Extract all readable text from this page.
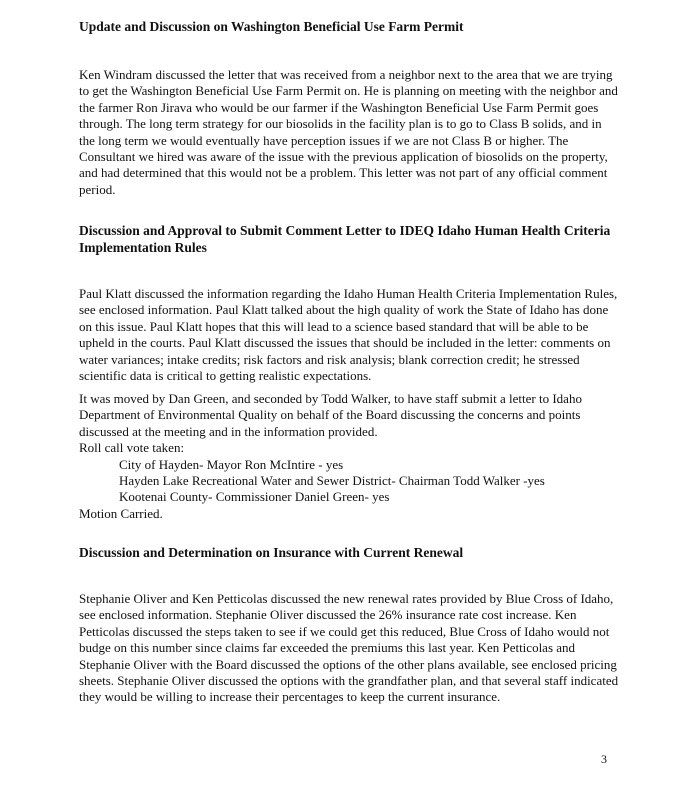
Update and Discussion on Washington Beneficial Use Farm Permit

Ken Windram discussed the letter that was received from a neighbor next to the area that we are trying to get the Washington Beneficial Use Farm Permit on. He is planning on meeting with the neighbor and the farmer Ron Jirava who would be our farmer if the Washington Beneficial Use Farm Permit goes through. The long term strategy for our biosolids in the facility plan is to go to Class B solids, and in the long term we would eventually have perception issues if we are not Class B or higher. The Consultant we hired was aware of the issue with the previous application of biosolids on the property, and had determined that this would not be a problem. This letter was not part of any official comment period.

Discussion and Approval to Submit Comment Letter to IDEQ Idaho Human Health Criteria Implementation Rules

Paul Klatt discussed the information regarding the Idaho Human Health Criteria Implementation Rules, see enclosed information. Paul Klatt talked about the high quality of work the State of Idaho has done on this issue. Paul Klatt hopes that this will lead to a science based standard that will be able to be upheld in the courts. Paul Klatt discussed the issues that should be included in the letter: comments on water variances; intake credits; risk factors and risk analysis; blank correction credit; he stressed scientific data is critical to getting realistic expectations.

It was moved by Dan Green, and seconded by Todd Walker, to have staff submit a letter to Idaho Department of Environmental Quality on behalf of the Board discussing the concerns and points discussed at the meeting and in the information provided.

Roll call vote taken:

City of Hayden- Mayor Ron McIntire - yes

Hayden Lake Recreational Water and Sewer District- Chairman Todd Walker -yes

Kootenai County- Commissioner Daniel Green- yes

Motion Carried.

Discussion and Determination on Insurance with Current Renewal

Stephanie Oliver and Ken Petticolas discussed the new renewal rates provided by Blue Cross of Idaho, see enclosed information. Stephanie Oliver discussed the 26% insurance rate cost increase. Ken Petticolas discussed the steps taken to see if we could get this reduced, Blue Cross of Idaho would not budge on this number since claims far exceeded the premiums this last year. Ken Petticolas and Stephanie Oliver with the Board discussed the options of the other plans available, see enclosed pricing sheets. Stephanie Oliver discussed the options with the grandfather plan, and that several staff indicated they would be willing to increase their percentages to keep the current insurance.

3
